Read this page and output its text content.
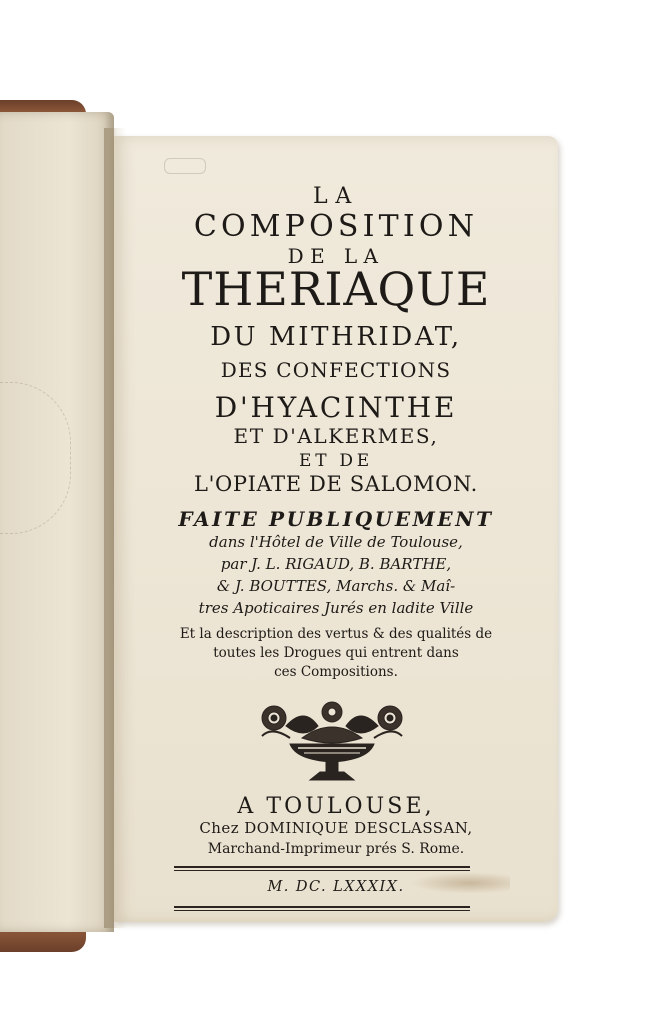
LA
COMPOSITION
DE LA
THERIAQUE
DU MITHRIDAT,
DES CONFECTIONS
D'HYACINTHE
ET D'ALKERMES,
ET DE
L'OPIATE DE SALOMON.
FAITE PUBLIQUEMENT
dans l'Hôtel de Ville de Toulouse,
par J. L. RIGAUD, B. BARTHE,
& J. BOUTTES, Marchs. & Maî-
tres Apoticaires Jurés en ladite Ville
Et la description des vertus & des qualités de
toutes les Drogues qui entrent dans
ces Compositions.
A TOULOUSE,
Chez DOMINIQUE DESCLASSAN,
Marchand-Imprimeur prés S. Rome.
M. DC. LXXXIX.
